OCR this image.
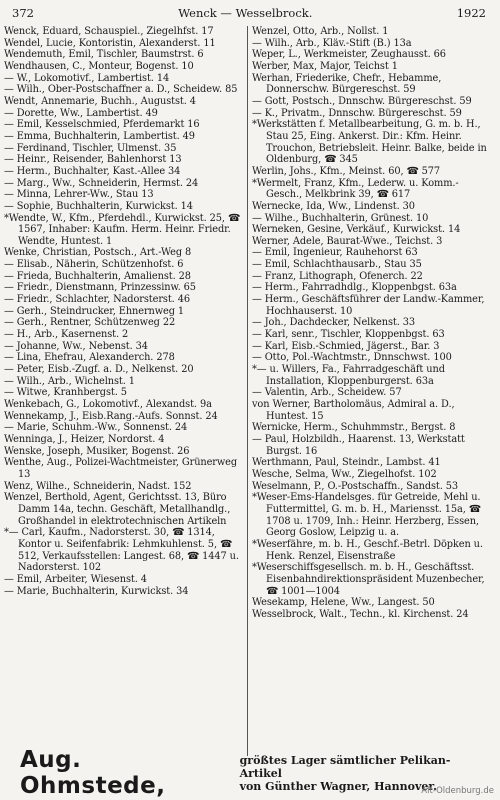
372	Wenck — Wesselbrock.	1922
Wenck, Eduard, Schauspiel., Ziegelhfst. 17
Wendel, Lucie, Kontoristin, Alexanderst. 11
Wendemuth, Emil, Tischler, Baumstrst. 6
Wendhausen, C., Monteur, Bogenst. 10
— W., Lokomotivf., Lambertist. 14
— Wilh., Ober-Postschaffner a. D., Scheidew. 85
Wendt, Annemarie, Buchh., Augustst. 4
— Dorette, Ww., Lambertist. 49
— Emil, Kesselschmied, Pferdemarkt 16
— Emma, Buchhalterin, Lambertist. 49
— Ferdinand, Tischler, Ulmenst. 35
— Heinr., Reisender, Bahlenhorst 13
— Herm., Buchhalter, Kast.-Allee 34
— Marg., Ww., Schneiderin, Hermst. 24
— Minna, Lehrer-Ww., Stau 13
— Sophie, Buchhalterin, Kurwickst. 14
*Wendte, W., Kfm., Pferdehdl., Kurwickst. 25, ☎ 1567, Inhaber: Kaufm. Herm. Heinr. Friedr. Wendte, Huntest. 1
Wenke, Christian, Postsch., Art.-Weg 8
— Elisab., Näherin, Schützenhofst. 6
— Frieda, Buchhalterin, Amalienst. 28
— Friedr., Dienstmann, Prinzessinw. 65
— Friedr., Schlachter, Nadorsterst. 46
— Gerh., Steindrucker, Ehnernweg 1
— Gerh., Rentner, Schützenweg 22
— H., Arb., Kasernenst. 2
— Johanne, Ww., Nebenst. 34
— Lina, Ehefrau, Alexanderch. 278
— Peter, Eisb.-Zugf. a. D., Nelkenst. 20
— Wilh., Arb., Wichelnst. 1
— Witwe, Kranhbergst. 5
Wenkebach, G., Lokomotivf., Alexandst. 9a
Wennekamp, J., Eisb.Rang.-Aufs. Sonnst. 24
— Marie, Schuhm.-Ww., Sonnenst. 24
Wenninga, J., Heizer, Nordorst. 4
Wenske, Joseph, Musiker, Bogenst. 26
Wenthe, Aug., Polizei-Wachtmeister, Grünerweg 13
Wenz, Wilhe., Schneiderin, Nadst. 152
Wenzel, Berthold, Agent, Gerichtsst. 13, Büro Damm 14a, techn. Geschäft, Metallhandlg., Großhandel in elektrotechnischen Artikeln
*— Carl, Kaufm., Nadorsterst. 30, ☎ 1314, Kontor u. Seifenfabrik: Lehmkuhlenst. 5, ☎ 512, Verkaufsstellen: Langest. 68, ☎ 1447 u. Nadorsterst. 102
— Emil, Arbeiter, Wiesenst. 4
— Marie, Buchhalterin, Kurwickst. 34
Wenzel, Otto, Arb., Nollst. 1
— Wilh., Arb., Kläv.-Stift (B.) 13a
Weper, L., Werkmeister, Zeughausst. 66
Werber, Max, Major, Teichst 1
Werhan, Friederike, Chefr., Hebamme, Donnerschw. Bürgereschst. 59
— Gott, Postsch., Dnnschw. Bürgereschst. 59
— K., Privatm., Dnnschw. Bürgereschst. 59
*Werkstätten f. Metallbearbeitung, G. m. b. H., Stau 25, Eing. Ankerst. Dir.: Kfm. Heinr. Trouchon, Betriebsleit. Heinr. Balke, beide in Oldenburg, ☎ 345
Werlin, Johs., Kfm., Meinst. 60, ☎ 577
*Wermelt, Franz, Kfm., Lederw. u. Komm.-Gesch., Melkbrink 39, ☎ 617
Wernecke, Ida, Ww., Lindenst. 30
— Wilhe., Buchhalterin, Grünest. 10
Werneken, Gesine, Verkäuf., Kurwickst. 14
Werner, Adele, Baurat-Wwe., Teichst. 3
— Emil, Ingenieur, Rauhehorst 63
— Emil, Schlachthausarb., Stau 35
— Franz, Lithograph, Ofenerch. 22
— Herm., Fahrradhdlg., Kloppenbgst. 63a
— Herm., Geschäftsführer der Landw.-Kammer, Hochhauserst. 10
— Joh., Dachdecker, Nelkenst. 33
— Karl, senr., Tischler, Kloppenbgst. 63
— Karl, Eisb.-Schmied, Jägerst., Bar. 3
— Otto, Pol.-Wachtmstr., Dnnschwst. 100
*— u. Willers, Fa., Fahrradgeschäft und Installation, Kloppenburgerst. 63a
— Valentin, Arb., Scheidew. 57
von Werner, Bartholomäus, Admiral a. D., Huntest. 15
Wernicke, Herm., Schuhmmstr., Bergst. 8
— Paul, Holzbildh., Haarenst. 13, Werkstatt Burgst. 16
Werthmann, Paul, Steindr., Lambst. 41
Wesche, Selma, Ww., Ziegelhofst. 102
Weselmann, P., O.-Postschaffn., Sandst. 53
*Weser-Ems-Handelsges. für Getreide, Mehl u. Futtermittel, G. m. b. H., Mariensst. 15a, ☎ 1708 u. 1709, Inh.: Heinr. Herzberg, Essen, Georg Goslow, Leipzig u. a.
*Weserfähre, m. b. H., Geschf.-Betrl. Döpken u. Henk. Renzel, Eisenstraße
*Weserschiffsgesellsch. m. b. H., Geschäftsst. Eisenbahndirektionspräsident Muzenbecher, ☎ 1001—1004
Wesekamp, Helene, Ww., Langest. 50
Wesselbrock, Walt., Techn., kl. Kirchenst. 24
Aug. Ohmstede,
größtes Lager sämtlicher Pelikan-Artikel
von Günther Wagner, Hannover.
Alt-Oldenburg.de
